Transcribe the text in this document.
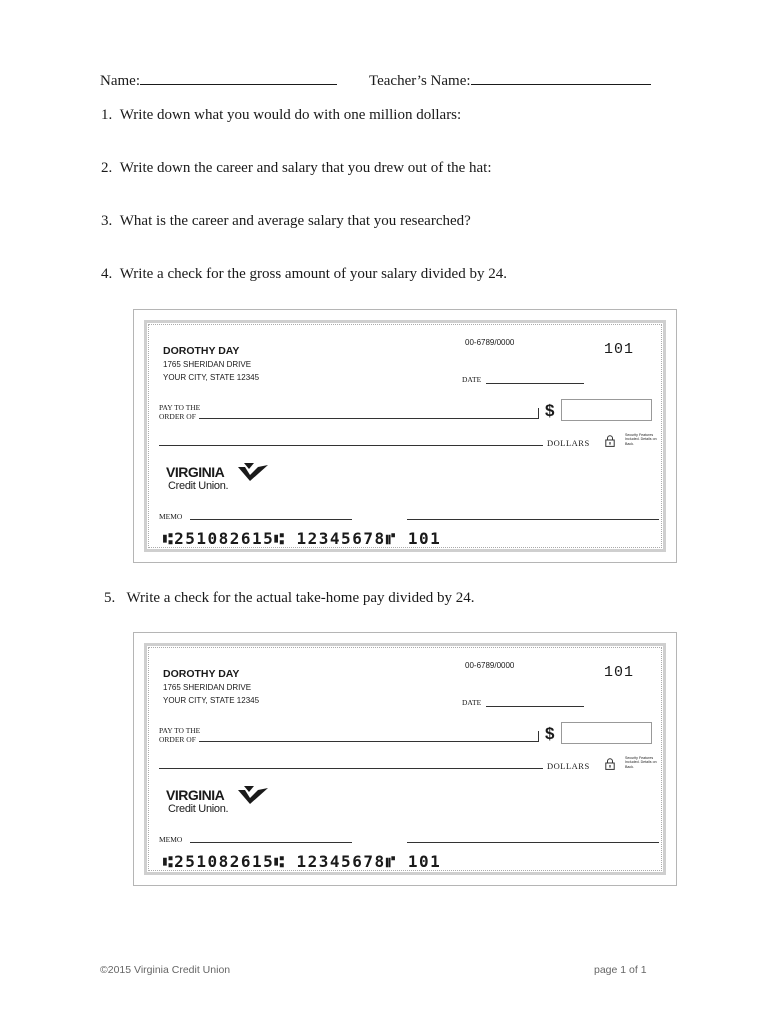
Name:	Teacher’s Name:
1. Write down what you would do with one million dollars:
2. Write down the career and salary that you drew out of the hat:
3. What is the career and average salary that you researched?
4. Write a check for the gross amount of your salary divided by 24.
DOROTHY DAY
1765 SHERIDAN DRIVE
YOUR CITY, STATE 12345
00-6789/0000	101
DATE
PAY TO THE
ORDER OF	$
DOLLARS
Security Features Included. Details on Back.
VIRGINIA
Credit Union.
MEMO
⑆251082615⑆ 12345678⑈ 101
5. Write a check for the actual take-home pay divided by 24.
DOROTHY DAY
1765 SHERIDAN DRIVE
YOUR CITY, STATE 12345
00-6789/0000	101
DATE
PAY TO THE
ORDER OF	$
DOLLARS
Security Features Included. Details on Back.
VIRGINIA
Credit Union.
MEMO
⑆251082615⑆ 12345678⑈ 101
©2015 Virginia Credit Union	page 1 of 1
